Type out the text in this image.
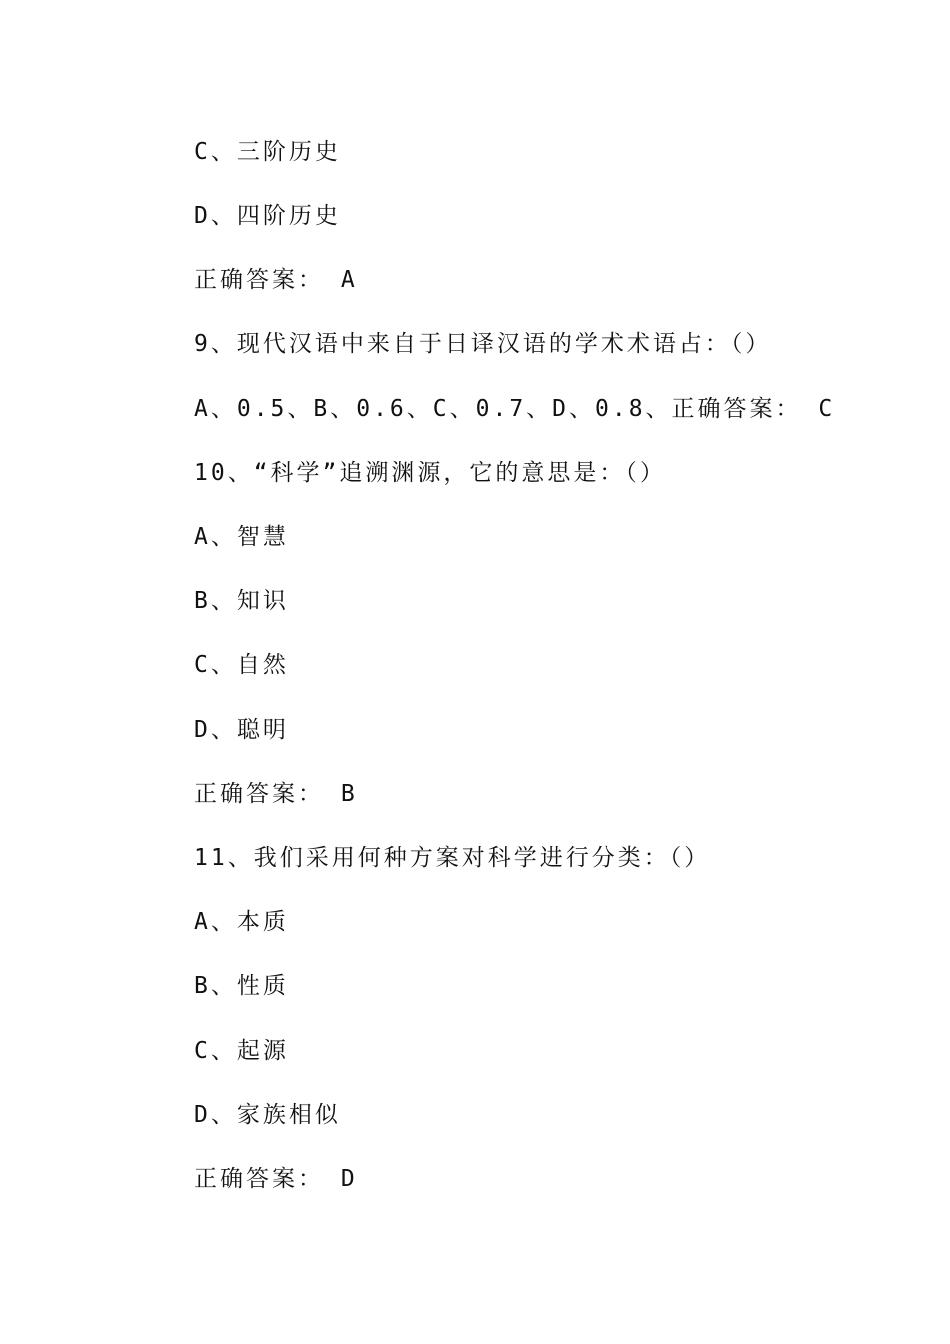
C、三阶历史
D、四阶历史
正确答案： A
9、现代汉语中来自于日译汉语的学术术语占：（）
A、0.5、B、0.6、C、0.7、D、0.8、正确答案： C
10、“科学”追溯渊源，它的意思是：（）
A、智慧
B、知识
C、自然
D、聪明
正确答案： B
11、我们采用何种方案对科学进行分类：（）
A、本质
B、性质
C、起源
D、家族相似
正确答案： D
